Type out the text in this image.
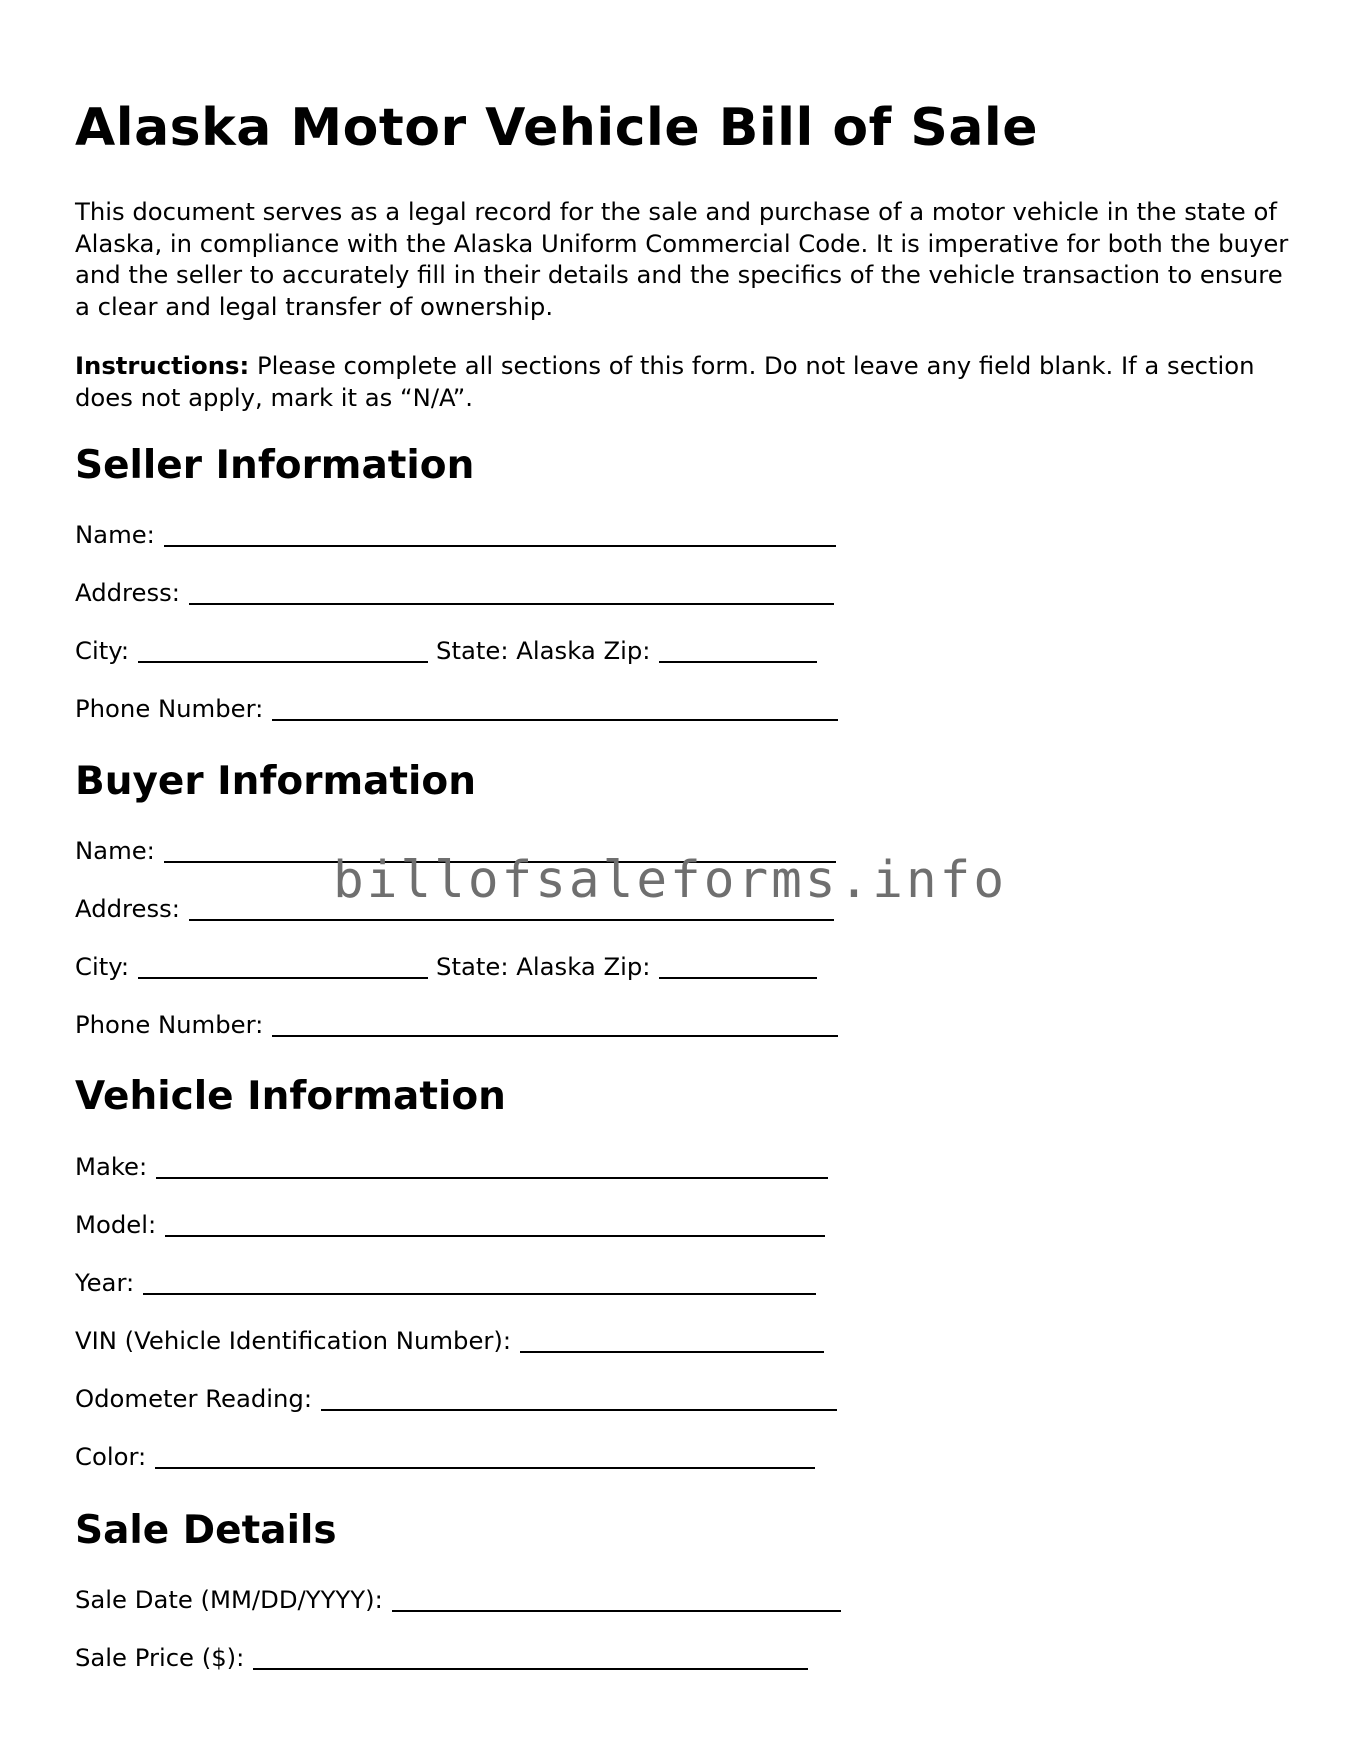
Alaska Motor Vehicle Bill of Sale

This document serves as a legal record for the sale and purchase of a motor vehicle in the state of Alaska, in compliance with the Alaska Uniform Commercial Code. It is imperative for both the buyer and the seller to accurately fill in their details and the specifics of the vehicle transaction to ensure a clear and legal transfer of ownership.

Instructions: Please complete all sections of this form. Do not leave any field blank. If a section does not apply, mark it as “N/A”.

Seller Information
Name:
Address:
City:	State: Alaska Zip:
Phone Number:
Buyer Information
Name:
Address:
City:	State: Alaska Zip:
Phone Number:
Vehicle Information
Make:
Model:
Year:
VIN (Vehicle Identification Number):
Odometer Reading:
Color:
Sale Details
Sale Date (MM/DD/YYYY):
Sale Price ($):
billofsaleforms.info
